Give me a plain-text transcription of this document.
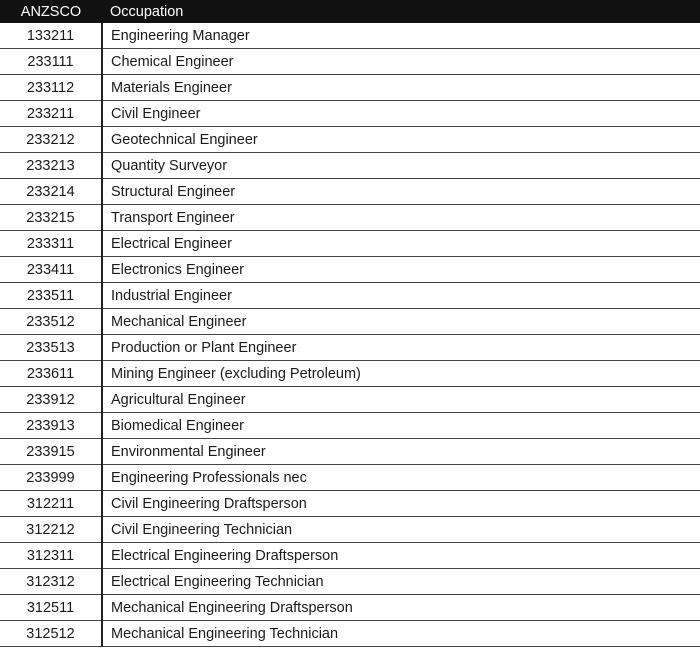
ANZSCO	Occupation
133211	Engineering Manager
233111	Chemical Engineer
233112	Materials Engineer
233211	Civil Engineer
233212	Geotechnical Engineer
233213	Quantity Surveyor
233214	Structural Engineer
233215	Transport Engineer
233311	Electrical Engineer
233411	Electronics Engineer
233511	Industrial Engineer
233512	Mechanical Engineer
233513	Production or Plant Engineer
233611	Mining Engineer (excluding Petroleum)
233912	Agricultural Engineer
233913	Biomedical Engineer
233915	Environmental Engineer
233999	Engineering Professionals nec
312211	Civil Engineering Draftsperson
312212	Civil Engineering Technician
312311	Electrical Engineering Draftsperson
312312	Electrical Engineering Technician
312511	Mechanical Engineering Draftsperson
312512	Mechanical Engineering Technician
